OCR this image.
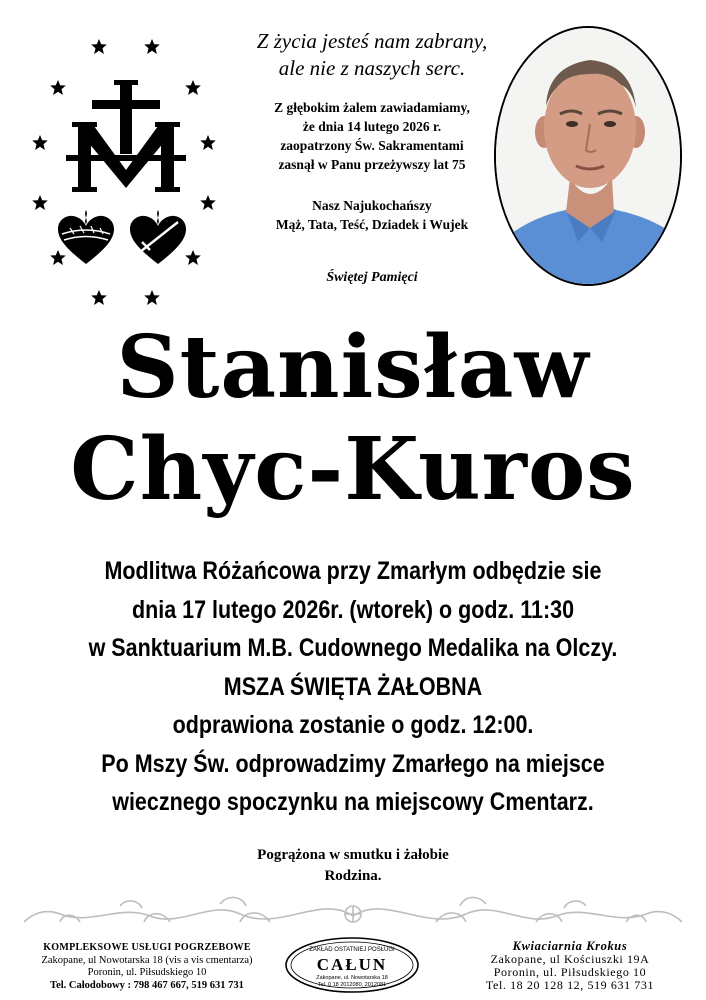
Z życia jesteś nam zabrany,
ale nie z naszych serc.
Z głębokim żalem zawiadamiamy,
że dnia 14 lutego 2026 r.
zaopatrzony Św. Sakramentami
zasnął w Panu przeżywszy lat 75
Nasz Najukochańszy
Mąż, Tata, Teść, Dziadek i Wujek
Świętej Pamięci
Stanisław
Chyc-Kuros
Modlitwa Różańcowa przy Zmarłym odbędzie sie
dnia 17 lutego 2026r. (wtorek) o godz. 11:30
w Sanktuarium M.B. Cudownego Medalika na Olczy.
MSZA ŚWIĘTA ŻAŁOBNA
odprawiona zostanie o godz. 12:00.
Po Mszy Św. odprowadzimy Zmarłego na miejsce
wiecznego spoczynku na miejscowy Cmentarz.
Pogrążona w smutku i żałobie
Rodzina.
KOMPLEKSOWE USŁUGI POGRZEBOWE
Zakopane, ul Nowotarska 18 (vis a vis cmentarza)
Poronin, ul. Piłsudskiego 10
Tel. Całodobowy : 798 467 667, 519 631 731
ZAKŁAD OSTATNIEJ POSŁUGI
CAŁUN
Zakopane, ul. Nowotarska 18
Tel. 0 18 2012080, 2012081
Kwiaciarnia Krokus
Zakopane, ul Kościuszki 19A
Poronin, ul. Piłsudskiego 10
Tel. 18 20 128 12, 519 631 731
